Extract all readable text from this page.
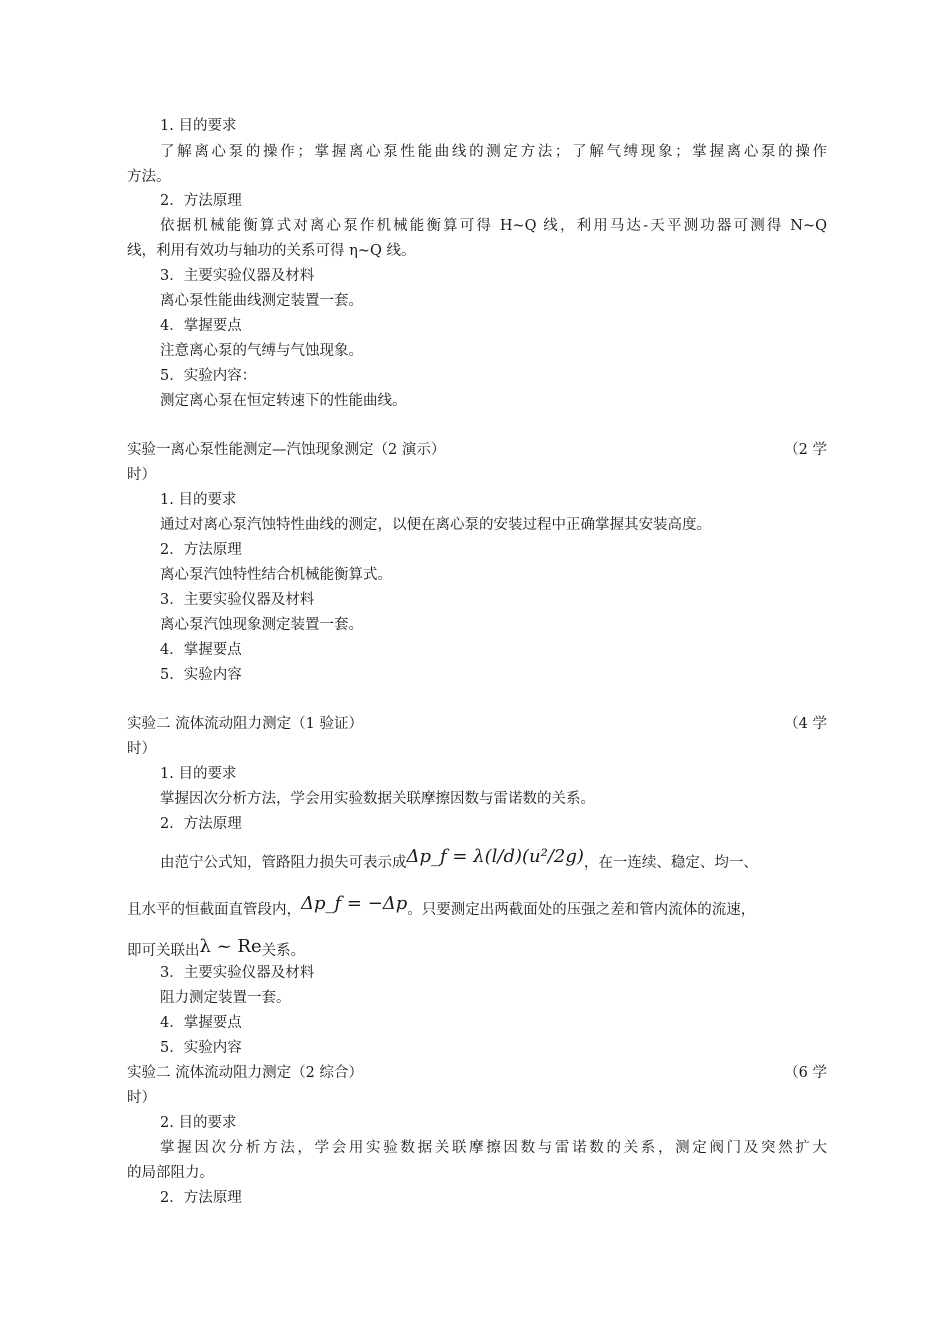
1. 目的要求
了解离心泵的操作；掌握离心泵性能曲线的测定方法；了解气缚现象；掌握离心泵的操作
方法。
2．方法原理
依据机械能衡算式对离心泵作机械能衡算可得 H~Q 线，利用马达-天平测功器可测得 N~Q
线，利用有效功与轴功的关系可得 η~Q 线。
3．主要实验仪器及材料
离心泵性能曲线测定装置一套。
4．掌握要点
注意离心泵的气缚与气蚀现象。
5．实验内容：
测定离心泵在恒定转速下的性能曲线。
实验一离心泵性能测定—汽蚀现象测定（2 演示）	（2 学
时）
1. 目的要求
通过对离心泵汽蚀特性曲线的测定，以便在离心泵的安装过程中正确掌握其安装高度。
2．方法原理
离心泵汽蚀特性结合机械能衡算式。
3．主要实验仪器及材料
离心泵汽蚀现象测定装置一套。
4．掌握要点
5．实验内容
实验二 流体流动阻力测定（1 验证）	（4 学
时）
1. 目的要求
掌握因次分析方法，学会用实验数据关联摩擦因数与雷诺数的关系。
2．方法原理
由范宁公式知，管路阻力损失可表示成Δp_f = λ(l/d)(u²/2g)，在一连续、稳定、均一、
且水平的恒截面直管段内，Δp_f = −Δp。只要测定出两截面处的压强之差和管内流体的流速，
即可关联出λ ~ Re关系。
3．主要实验仪器及材料
阻力测定装置一套。
4．掌握要点
5．实验内容
实验二 流体流动阻力测定（2 综合）	（6 学
时）
2. 目的要求
掌握因次分析方法，学会用实验数据关联摩擦因数与雷诺数的关系，测定阀门及突然扩大
的局部阻力。
2．方法原理
